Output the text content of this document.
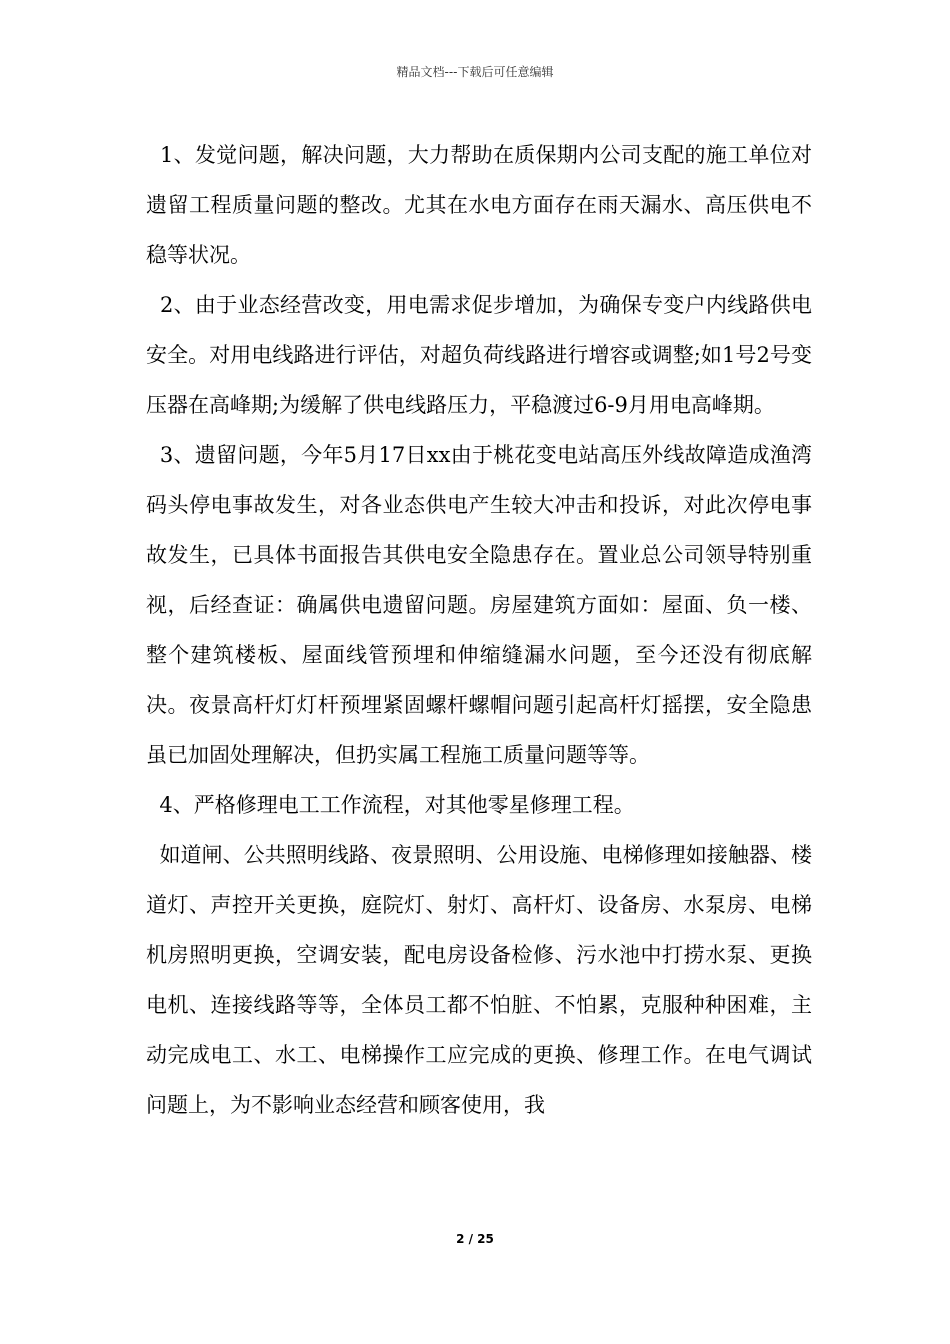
精品文档---下载后可任意编辑

1、发觉问题，解决问题，大力帮助在质保期内公司支配的施工单位对遗留工程质量问题的整改。尤其在水电方面存在雨天漏水、高压供电不稳等状况。

2、由于业态经营改变，用电需求促步增加，为确保专变户内线路供电安全。对用电线路进行评估，对超负荷线路进行增容或调整;如1号2号变压器在高峰期;为缓解了供电线路压力，平稳渡过6-9月用电高峰期。

3、遗留问题，今年5月17日xx由于桃花变电站高压外线故障造成渔湾码头停电事故发生，对各业态供电产生较大冲击和投诉，对此次停电事故发生，已具体书面报告其供电安全隐患存在。置业总公司领导特别重视，后经查证：确属供电遗留问题。房屋建筑方面如：屋面、负一楼、整个建筑楼板、屋面线管预埋和伸缩缝漏水问题，至今还没有彻底解决。夜景高杆灯灯杆预埋紧固螺杆螺帽问题引起高杆灯摇摆，安全隐患虽已加固处理解决，但扔实属工程施工质量问题等等。

4、严格修理电工工作流程，对其他零星修理工程。

如道闸、公共照明线路、夜景照明、公用设施、电梯修理如接触器、楼道灯、声控开关更换，庭院灯、射灯、高杆灯、设备房、水泵房、电梯机房照明更换，空调安装，配电房设备检修、污水池中打捞水泵、更换电机、连接线路等等，全体员工都不怕脏、不怕累，克服种种困难，主动完成电工、水工、电梯操作工应完成的更换、修理工作。在电气调试问题上，为不影响业态经营和顾客使用，我

2 / 25
